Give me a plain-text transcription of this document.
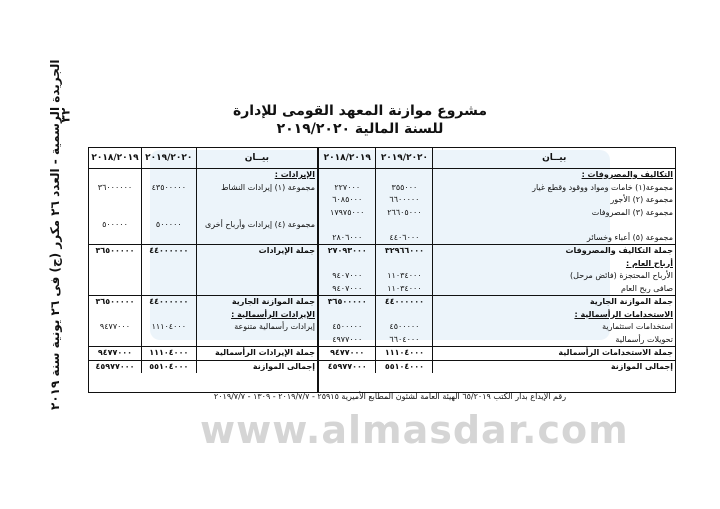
www.almasdar.com
٣٢
الجريدة الرسمية - العدد ٢٦ مكرر (ج) فى ٢٦ يونية سنة ٢٠١٩	مشروع موازنة المعهد القومى للإدارة
للسنة المالية ٢٠١٩/٢٠٢٠
٢٠١٨/٢٠١٩	٢٠١٩/٢٠٢٠	بيــان
		الإيرادات :
٣٦٠٠٠٠٠٠	٤٣٥٠٠٠٠٠	مجموعة (١) إيرادات النشاط

٥٠٠٠٠٠	٥٠٠٠٠٠	مجموعة (٤) إيرادات وأرباح أخرى

٣٦٥٠٠٠٠٠	٤٤٠٠٠٠٠٠	جملة الإيرادات

٣٦٥٠٠٠٠٠	٤٤٠٠٠٠٠٠	جملة الموازنة الجارية
		الإيرادات الرأسمالية :
٩٤٧٧٠٠٠	١١١٠٤٠٠٠	إيرادات رأسمالية متنوعة

٩٤٧٧٠٠٠	١١١٠٤٠٠٠	جملة الإيرادات الرأسمالية
٤٥٩٧٧٠٠٠	٥٥١٠٤٠٠٠	إجمالى الموازنة
٢٠١٨/٢٠١٩	٢٠١٩/٢٠٢٠	بيــان
		التكاليف والمصروفات :
٢٢٧٠٠٠	٣٥٥٠٠٠	مجموعة(١) خامات ومواد ووقود وقطع غيار
٦٠٨٥٠٠٠	٦٦٠٠٠٠٠	مجموعة (٢) الأجور
١٧٩٧٥٠٠٠	٢٦٦٠٥٠٠٠	مجموعة (٣) المصروفات

٢٨٠٦٠٠٠	٤٤٠٦٠٠٠	مجموعة (٥) أعباء وخسائر
٢٧٠٩٣٠٠٠	٣٢٩٦٦٠٠٠	جملة التكاليف والمصروفات
		أرباح العام :
٩٤٠٧٠٠٠	١١٠٣٤٠٠٠	الأرباح المحتجزة (فائض مرحل)
٩٤٠٧٠٠٠	١١٠٣٤٠٠٠	صافى ربح العام
٣٦٥٠٠٠٠٠	٤٤٠٠٠٠٠٠	جملة الموازنة الجارية
		الاستخدامات الرأسمالية :
٤٥٠٠٠٠٠	٤٥٠٠٠٠٠	استخدامات استثمارية
٤٩٧٧٠٠٠	٦٦٠٤٠٠٠	تحويلات رأسمالية
٩٤٧٧٠٠٠	١١١٠٤٠٠٠	جملة الاستخدامات الرأسمالية
٤٥٩٧٧٠٠٠	٥٥١٠٤٠٠٠	إجمالى الموازنة
رقم الإيداع بدار الكتب ٦٥/٢٠١٩ الهيئة العامة لشئون المطابع الأميرية ٢٥٩١٥ - ٢٠١٩/٧/٧ - ١٣٠٩ - ٢٠١٩/٧/٧
